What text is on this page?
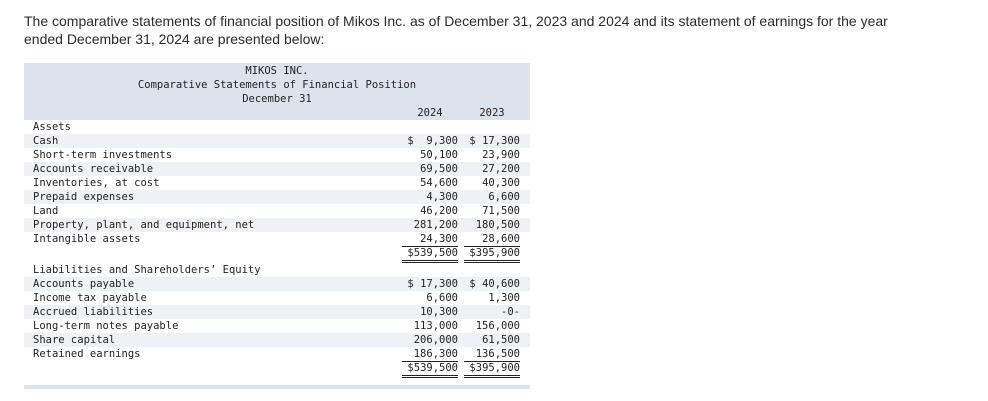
The comparative statements of financial position of Mikos Inc. as of December 31, 2023 and 2024 and its statement of earnings for the year ended December 31, 2024 are presented below:
MIKOS INC.
Comparative Statements of Financial Position
December 31
2024	2023
Assets
Cash	$  9,300	$ 17,300
Short-term investments	50,100	23,900
Accounts receivable	69,500	27,200
Inventories, at cost	54,600	40,300
Prepaid expenses	4,300	6,600
Land	46,200	71,500
Property, plant, and equipment, net	281,200	180,500
Intangible assets	24,300	28,600
$539,500	$395,900
Liabilities and Shareholders’ Equity
Accounts payable	$ 17,300	$ 40,600
Income tax payable	6,600	1,300
Accrued liabilities	10,300	-0-
Long-term notes payable	113,000	156,000
Share capital	206,000	61,500
Retained earnings	186,300	136,500
$539,500	$395,900
